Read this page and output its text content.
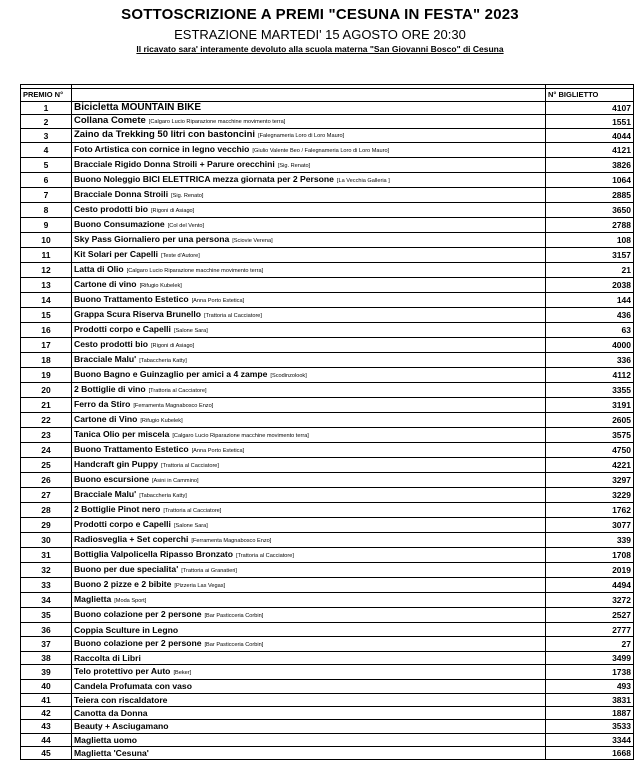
SOTTOSCRIZIONE A PREMI "CESUNA IN FESTA" 2023
ESTRAZIONE MARTEDI' 15 AGOSTO ORE 20:30
Il ricavato sara' interamente devoluto alla scuola materna "San Giovanni Bosco" di Cesuna

PREMIO N°		N° BIGLIETTO
1	Bicicletta MOUNTAIN BIKE	4107
2	Collana Comete [Calgaro Lucio Riparazione macchine movimento terra]	1551
3	Zaino da Trekking 50 litri con bastoncini [Falegnameria Loro di Loro Mauro]	4044
4	Foto Artistica con cornice in legno vecchio [Giulio Valente Beo / Falegnameria Loro di Loro Mauro]	4121
5	Bracciale Rigido Donna Stroili + Parure orecchini [Sig. Renato]	3826
6	Buono Noleggio BICI ELETTRICA mezza giornata per 2 Persone [La Vecchia Galleria ]	1064
7	Bracciale Donna Stroili [Sig. Renato]	2885
8	Cesto prodotti bio [Rigoni di Asiago]	3650
9	Buono Consumazione [Col del Vento]	2788
10	Sky Pass Giornaliero per una persona [Sciovie Verena]	108
11	Kit Solari per Capelli [Teste d'Autore]	3157
12	Latta di Olio [Calgaro Lucio Riparazione macchine movimento terra]	21
13	Cartone di vino [Rifugio Kubelek]	2038
14	Buono Trattamento Estetico [Anna Porto Estetica]	144
15	Grappa Scura Riserva Brunello [Trattoria al Cacciatore]	436
16	Prodotti corpo e Capelli [Salone Sara]	63
17	Cesto prodotti bio [Rigoni di Asiago]	4000
18	Bracciale Malu' [Tabaccheria Katty]	336
19	Buono Bagno e Guinzaglio per amici a 4 zampe [Scodinzolook]	4112
20	2 Bottiglie di vino [Trattoria al Cacciatore]	3355
21	Ferro da Stiro [Ferramenta Magnabosco Enzo]	3191
22	Cartone di Vino [Rifugio Kubelek]	2605
23	Tanica Olio per miscela [Calgaro Lucio Riparazione macchine movimento terra]	3575
24	Buono Trattamento Estetico [Anna Porto Estetica]	4750
25	Handcraft gin Puppy [Trattoria al Cacciatore]	4221
26	Buono escursione [Asini in Cammino]	3297
27	Bracciale Malu' [Tabaccheria Katty]	3229
28	2 Bottiglie Pinot nero [Trattoria al Cacciatore]	1762
29	Prodotti corpo e Capelli [Salone Sara]	3077
30	Radiosveglia + Set coperchi [Ferramenta Magnabosco Enzo]	339
31	Bottiglia Valpolicella Ripasso Bronzato [Trattoria al Cacciatore]	1708
32	Buono per due specialita' [Trattoria ai Granatieri]	2019
33	Buono 2 pizze e 2 bibite [Pizzeria Las Vegas]	4494
34	Maglietta [Moda Sport]	3272
35	Buono colazione per 2 persone [Bar Pasticceria Corbin]	2527
36	Coppia Sculture in Legno	2777
37	Buono colazione per 2 persone [Bar Pasticceria Corbin]	27
38	Raccolta di Libri	3499
39	Telo protettivo per Auto [Beker]	1738
40	Candela Profumata con vaso	493
41	Teiera con riscaldatore	3831
42	Canotta da Donna	1887
43	Beauty + Asciugamano	3533
44	Maglietta uomo	3344
45	Maglietta 'Cesuna'	1668
